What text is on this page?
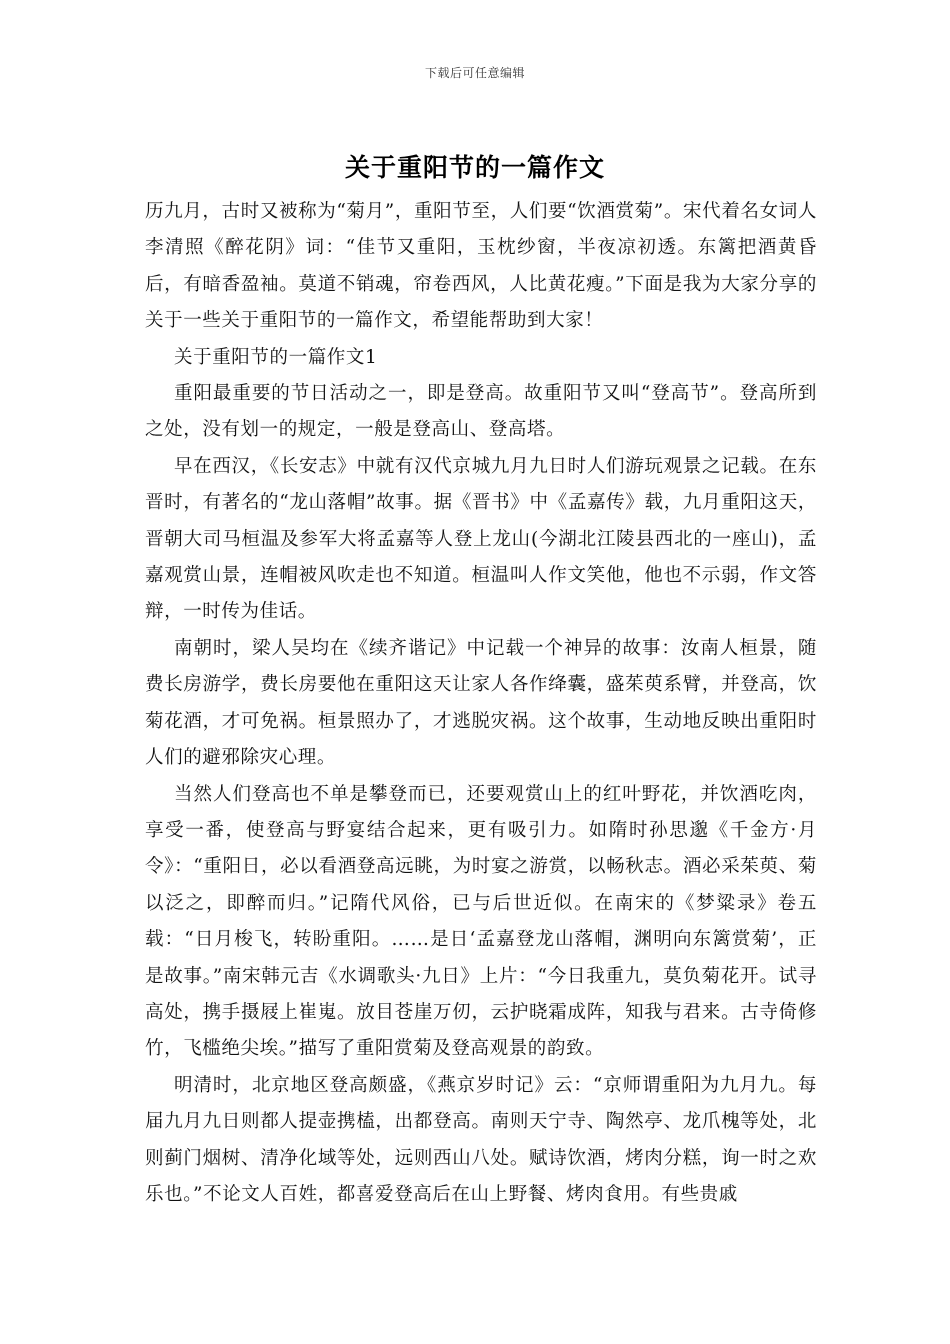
下载后可任意编辑
关于重阳节的一篇作文

历九月，古时又被称为“菊月”，重阳节至，人们要“饮酒赏菊”。宋代着名女词人李清照《醉花阴》词：“佳节又重阳，玉枕纱窗，半夜凉初透。东篱把酒黄昏后，有暗香盈袖。莫道不销魂，帘卷西风，人比黄花瘦。”下面是我为大家分享的关于一些关于重阳节的一篇作文，希望能帮助到大家！

关于重阳节的一篇作文1

重阳最重要的节日活动之一，即是登高。故重阳节又叫“登高节”。登高所到之处，没有划一的规定，一般是登高山、登高塔。

早在西汉，《长安志》中就有汉代京城九月九日时人们游玩观景之记载。在东晋时，有著名的“龙山落帽”故事。据《晋书》中《孟嘉传》载，九月重阳这天，晋朝大司马桓温及参军大将孟嘉等人登上龙山(今湖北江陵县西北的一座山)，孟嘉观赏山景，连帽被风吹走也不知道。桓温叫人作文笑他，他也不示弱，作文答辩，一时传为佳话。

南朝时，梁人吴均在《续齐谐记》中记载一个神异的故事：汝南人桓景，随费长房游学，费长房要他在重阳这天让家人各作绛囊，盛茱萸系臂，并登高，饮菊花酒，才可免祸。桓景照办了，才逃脱灾祸。这个故事，生动地反映出重阳时人们的避邪除灾心理。

当然人们登高也不单是攀登而已，还要观赏山上的红叶野花，并饮酒吃肉，享受一番，使登高与野宴结合起来，更有吸引力。如隋时孙思邈《千金方·月令》：“重阳日，必以看酒登高远眺，为时宴之游赏，以畅秋志。酒必采茱萸、菊以泛之，即醉而归。”记隋代风俗，已与后世近似。在南宋的《梦粱录》卷五载：“日月梭飞，转盼重阳。……是日‘孟嘉登龙山落帽，渊明向东篱赏菊’，正是故事。”南宋韩元吉《水调歌头·九日》上片：“今日我重九，莫负菊花开。试寻高处，携手摄屐上崔嵬。放目苍崖万仞，云护晓霜成阵，知我与君来。古寺倚修竹，飞槛绝尖埃。”描写了重阳赏菊及登高观景的韵致。

明清时，北京地区登高颇盛，《燕京岁时记》云：“京师谓重阳为九月九。每届九月九日则都人提壶携榼，出都登高。南则天宁寺、陶然亭、龙爪槐等处，北则蓟门烟树、清净化域等处，远则西山八处。赋诗饮酒，烤肉分糕，询一时之欢乐也。”不论文人百姓，都喜爱登高后在山上野餐、烤肉食用。有些贵戚
